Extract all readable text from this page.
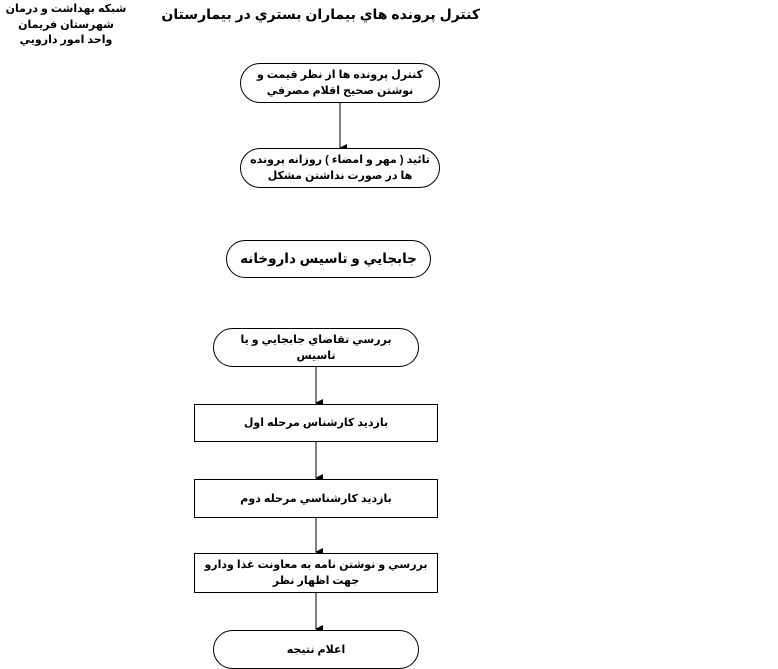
شبکه بهداشت و درمان
شهرستان فريمان
واحد امور دارويي
کنترل پرونده هاي بيماران بستري در بيمارستان
کنترل پرونده ها از نظر قيمت و نوشتن صحيح اقلام مصرفي
تائيد ( مهر و امضاء ) روزانه پرونده ها در صورت نداشتن مشکل
جابجايي و تاسيس داروخانه
بررسي تقاضاي جابجايي و يا تاسيس
بازديد کارشناس مرحله اول
بازديد کارشناسي مرحله دوم
بررسي و نوشتن نامه به معاونت غذا ودارو جهت اظهار نظر
اعلام نتيجه
